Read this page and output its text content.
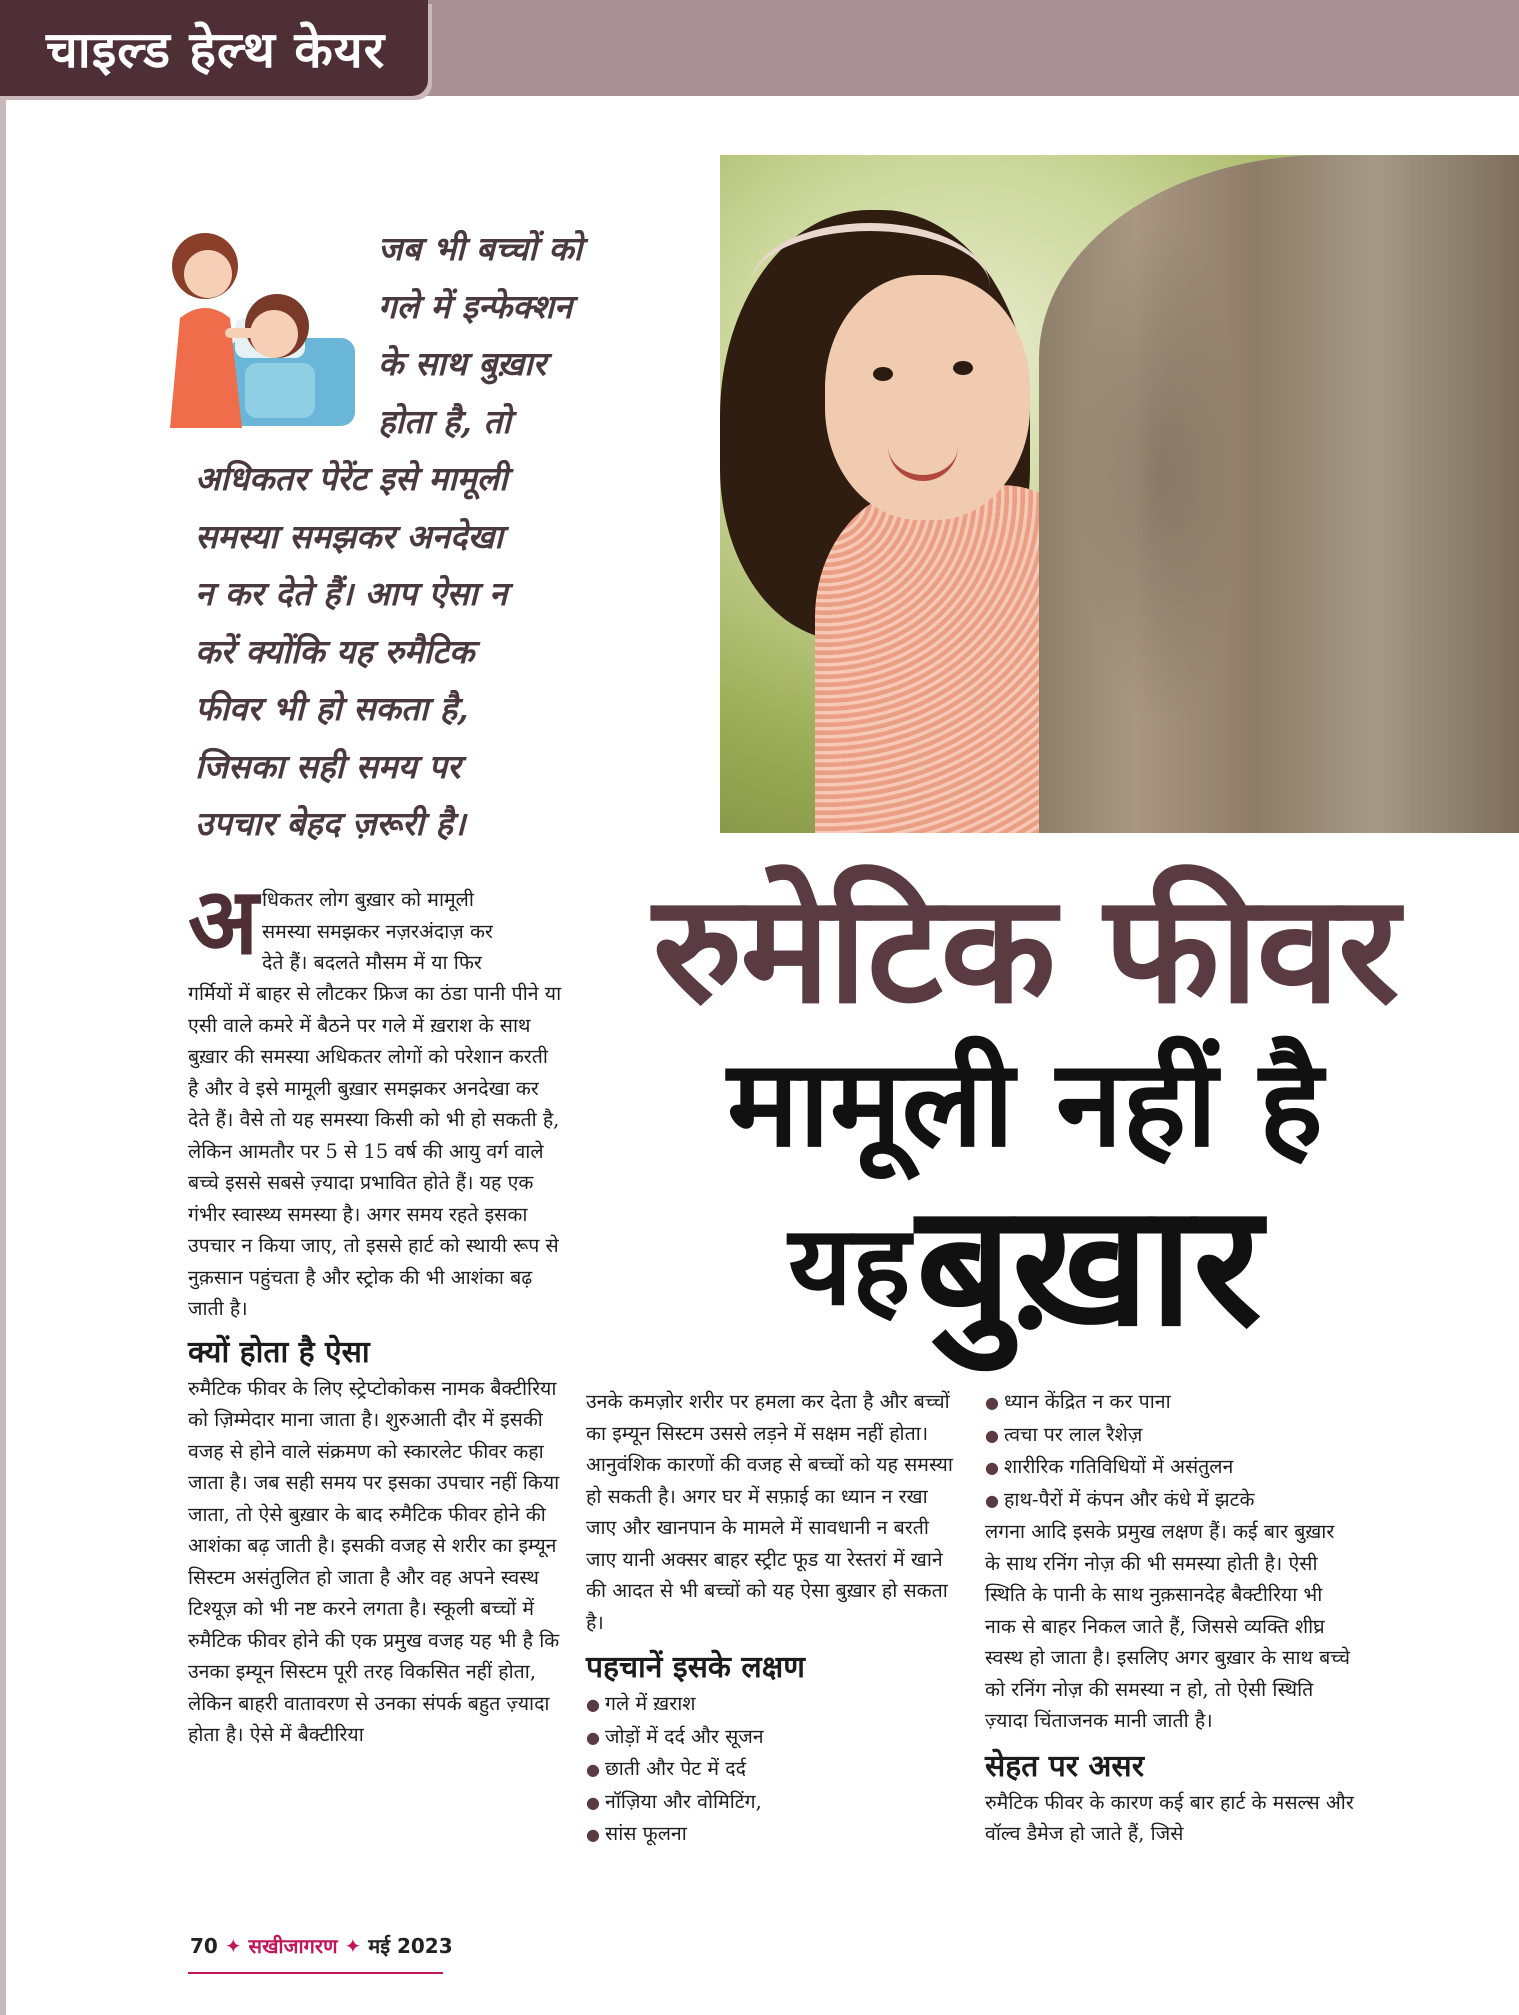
चाइल्ड हेल्थ केयर
जब भी बच्चों को
गले में इन्फेक्शन
के साथ बुख़ार
होता है, तो
अधिकतर पेरेंट इसे मामूली
समस्या समझकर अनदेखा
न कर देते हैं। आप ऐसा न
करें क्योंकि यह रुमैटिक
फीवर भी हो सकता है,
जिसका सही समय पर
उपचार बेहद ज़रूरी है।
रुमेटिक फीवर
मामूली नहीं है
यह बुख़ार
अ धिकतर लोग बुख़ार को मामूली

समस्या समझकर नज़रअंदाज़ कर

देते हैं। बदलते मौसम में या फिर

गर्मियों में बाहर से लौटकर फ्रिज का ठंडा पानी पीने या एसी वाले कमरे में बैठने पर गले में ख़राश के साथ बुख़ार की समस्या अधिकतर लोगों को परेशान करती है और वे इसे मामूली बुख़ार समझकर अनदेखा कर देते हैं। वैसे तो यह समस्या किसी को भी हो सकती है, लेकिन आमतौर पर 5 से 15 वर्ष की आयु वर्ग वाले बच्चे इससे सबसे ज़्यादा प्रभावित होते हैं। यह एक गंभीर स्वास्थ्य समस्या है। अगर समय रहते इसका उपचार न किया जाए, तो इससे हार्ट को स्थायी रूप से नुक़सान पहुंचता है और स्ट्रोक की भी आशंका बढ़ जाती है।

क्यों होता है ऐसा

रुमैटिक फीवर के लिए स्ट्रेप्टोकोकस नामक बैक्टीरिया को ज़िम्मेदार माना जाता है। शुरुआती दौर में इसकी वजह से होने वाले संक्रमण को स्कारलेट फीवर कहा जाता है। जब सही समय पर इसका उपचार नहीं किया जाता, तो ऐसे बुख़ार के बाद रुमैटिक फीवर होने की आशंका बढ़ जाती है। इसकी वजह से शरीर का इम्यून सिस्टम असंतुलित हो जाता है और वह अपने स्वस्थ टिश्यूज़ को भी नष्ट करने लगता है। स्कूली बच्चों में रुमैटिक फीवर होने की एक प्रमुख वजह यह भी है कि उनका इम्यून सिस्टम पूरी तरह विकसित नहीं होता, लेकिन बाहरी वातावरण से उनका संपर्क बहुत ज़्यादा होता है। ऐसे में बैक्टीरिया

उनके कमज़ोर शरीर पर हमला कर देता है और बच्चों का इम्यून सिस्टम उससे लड़ने में सक्षम नहीं होता। आनुवंशिक कारणों की वजह से बच्चों को यह समस्या हो सकती है। अगर घर में सफ़ाई का ध्यान न रखा जाए और खानपान के मामले में सावधानी न बरती जाए यानी अक्सर बाहर स्ट्रीट फूड या रेस्तरां में खाने की आदत से भी बच्चों को यह ऐसा बुख़ार हो सकता है।

पहचानें इसके लक्षण
● गले में ख़राश
● जोड़ों में दर्द और सूजन
● छाती और पेट में दर्द
● नॉज़िया और वोमिटिंग,
● सांस फूलना
● ध्यान केंद्रित न कर पाना
● त्वचा पर लाल रैशेज़
● शारीरिक गतिविधियों में असंतुलन
● हाथ-पैरों में कंपन और कंधे में झटके

लगना आदि इसके प्रमुख लक्षण हैं। कई बार बुख़ार के साथ रनिंग नोज़ की भी समस्या होती है। ऐसी स्थिति के पानी के साथ नुक़सानदेह बैक्टीरिया भी नाक से बाहर निकल जाते हैं, जिससे व्यक्ति शीघ्र स्वस्थ हो जाता है। इसलिए अगर बुख़ार के साथ बच्चे को रनिंग नोज़ की समस्या न हो, तो ऐसी स्थिति ज़्यादा चिंताजनक मानी जाती है।

सेहत पर असर

रुमैटिक फीवर के कारण कई बार हार्ट के मसल्स और वॉल्व डैमेज हो जाते हैं, जिसे

70 ✦ सखीजागरण ✦ मई 2023
